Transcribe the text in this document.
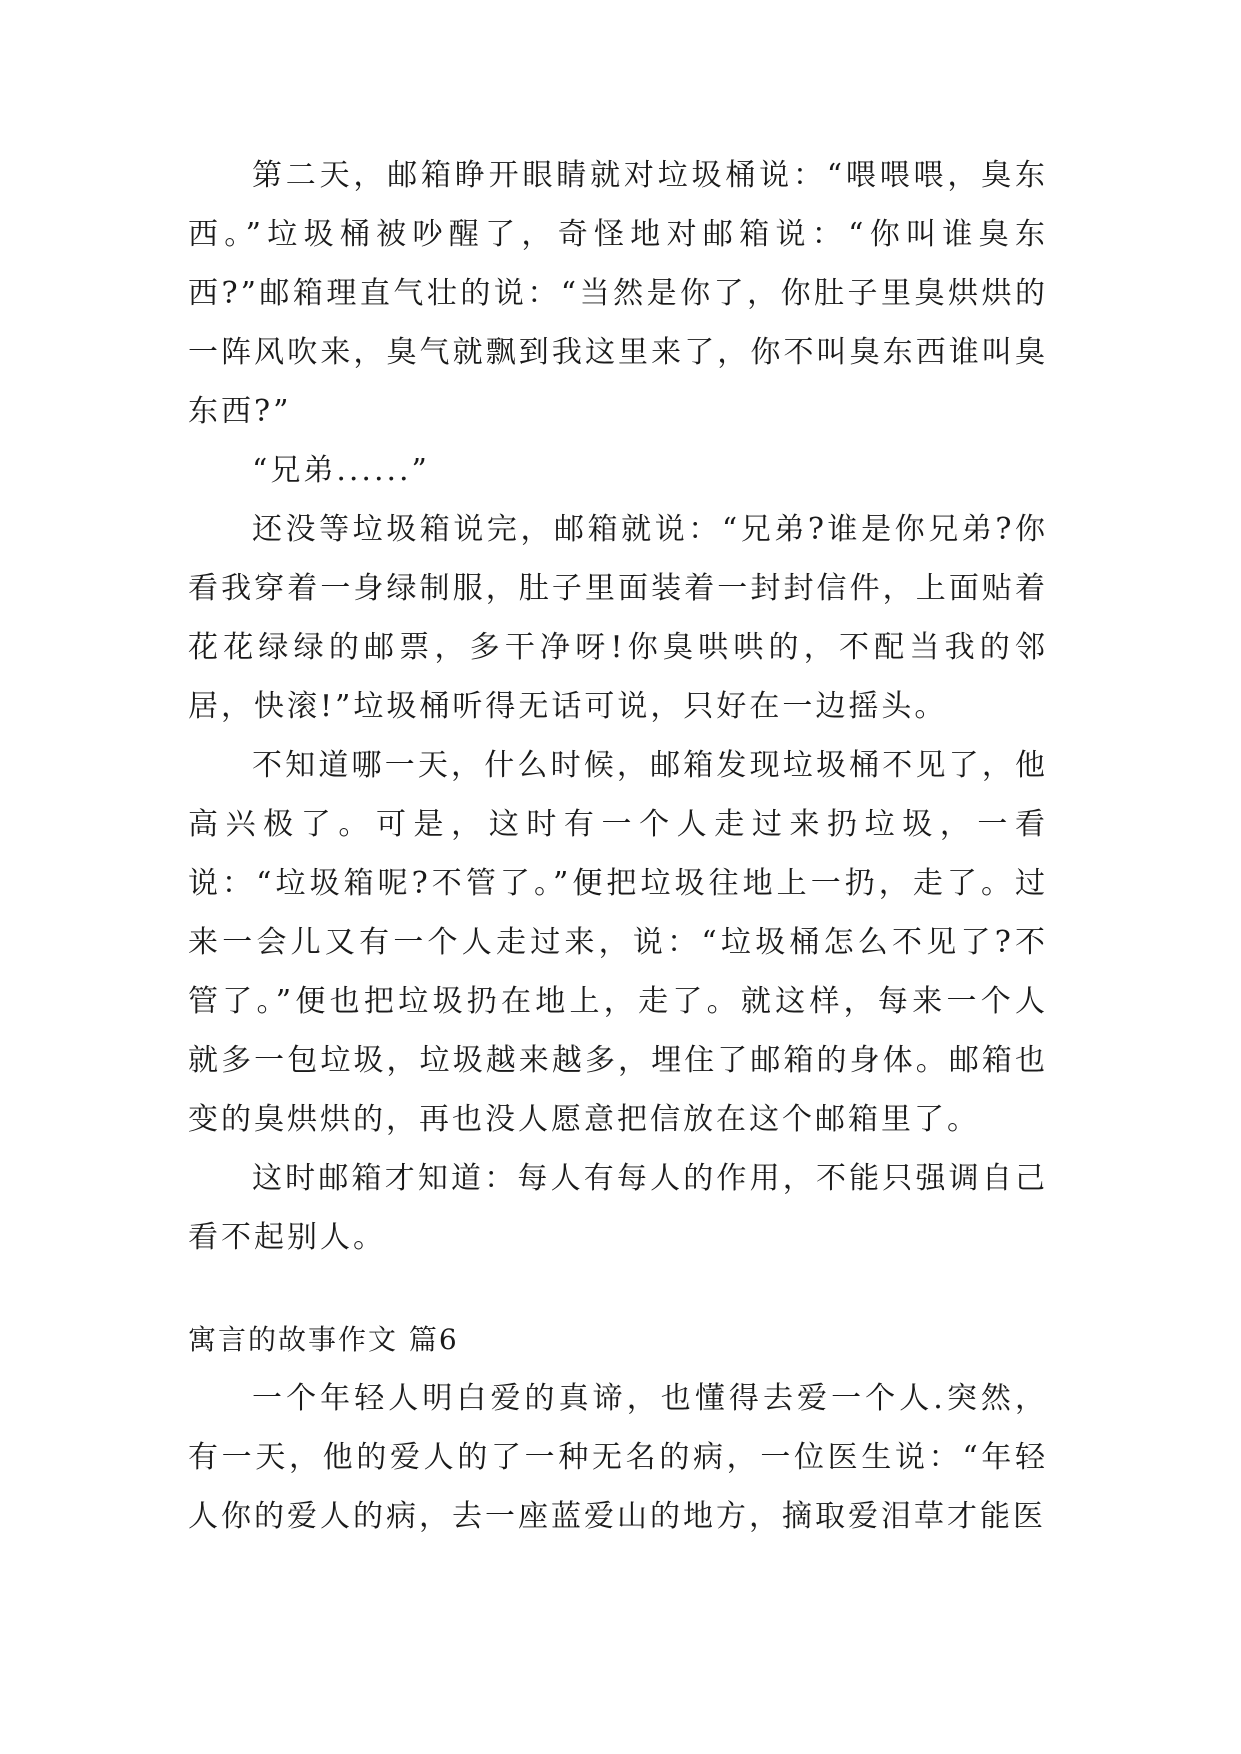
第二天，邮箱睁开眼睛就对垃圾桶说：“喂喂喂，臭东西。”垃圾桶被吵醒了，奇怪地对邮箱说：“你叫谁臭东西?”邮箱理直气壮的说：“当然是你了，你肚子里臭烘烘的一阵风吹来，臭气就飘到我这里来了，你不叫臭东西谁叫臭东西?”

“兄弟......”

还没等垃圾箱说完，邮箱就说：“兄弟?谁是你兄弟?你看我穿着一身绿制服，肚子里面装着一封封信件，上面贴着花花绿绿的邮票，多干净呀!你臭哄哄的，不配当我的邻居，快滚!”垃圾桶听得无话可说，只好在一边摇头。

不知道哪一天，什么时候，邮箱发现垃圾桶不见了，他高兴极了。可是，这时有一个人走过来扔垃圾，一看说：“垃圾箱呢?不管了。”便把垃圾往地上一扔，走了。过来一会儿又有一个人走过来，说：“垃圾桶怎么不见了?不管了。”便也把垃圾扔在地上，走了。就这样，每来一个人就多一包垃圾，垃圾越来越多，埋住了邮箱的身体。邮箱也变的臭烘烘的，再也没人愿意把信放在这个邮箱里了。

这时邮箱才知道：每人有每人的作用，不能只强调自己看不起别人。

寓言的故事作文 篇6

一个年轻人明白爱的真谛，也懂得去爱一个人.突然，有一天，他的爱人的了一种无名的病，一位医生说：“年轻人你的爱人的病，去一座蓝爱山的地方，摘取爱泪草才能医
